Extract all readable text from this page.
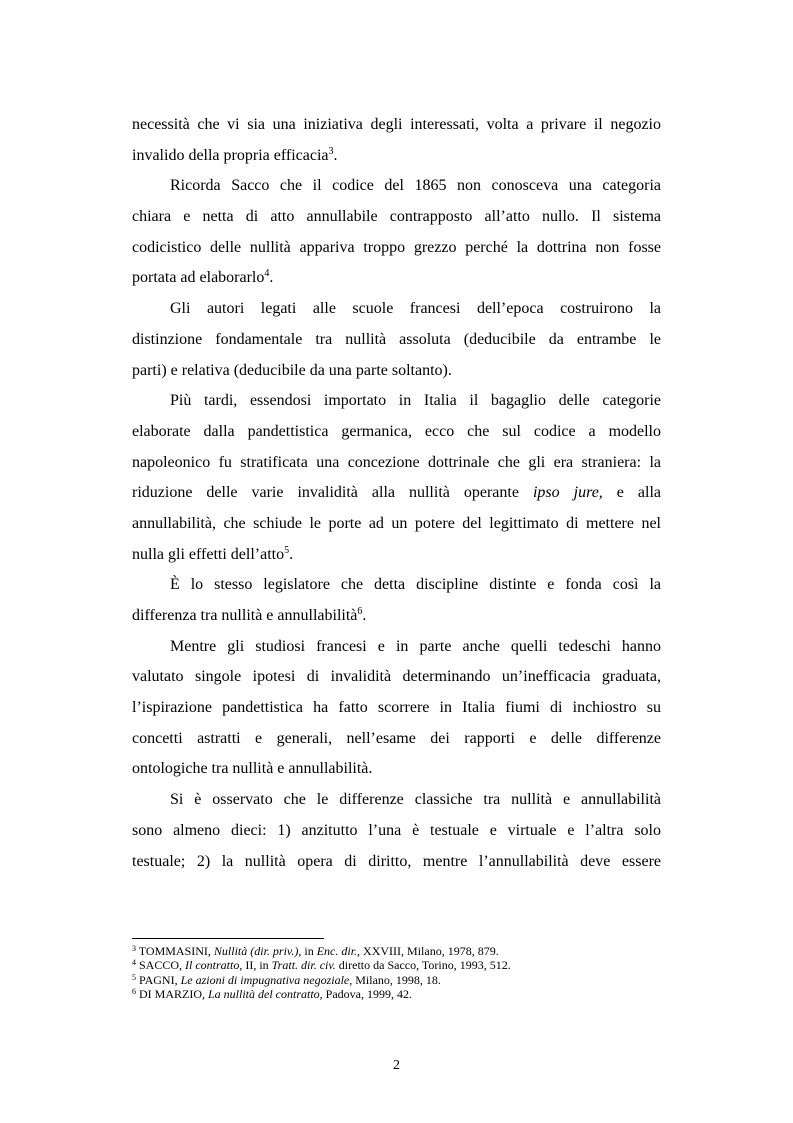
necessità che vi sia una iniziativa degli interessati, volta a privare il negozio
invalido della propria efficacia$^3$.
Ricorda Sacco che il codice del 1865 non conosceva una categoria
chiara e netta di atto annullabile contrapposto all’atto nullo. Il sistema
codicistico delle nullità appariva troppo grezzo perché la dottrina non fosse
portata ad elaborarlo$^4$.
Gli autori legati alle scuole francesi dell’epoca costruirono la
distinzione fondamentale tra nullità assoluta (deducibile da entrambe le
parti) e relativa (deducibile da una parte soltanto).
Più tardi, essendosi importato in Italia il bagaglio delle categorie
elaborate dalla pandettistica germanica, ecco che sul codice a modello
napoleonico fu stratificata una concezione dottrinale che gli era straniera: la
riduzione delle varie invalidità alla nullità operante ipso jure, e alla
annullabilità, che schiude le porte ad un potere del legittimato di mettere nel
nulla gli effetti dell’atto$^5$.
È lo stesso legislatore che detta discipline distinte e fonda così la
differenza tra nullità e annullabilità$^6$.
Mentre gli studiosi francesi e in parte anche quelli tedeschi hanno
valutato singole ipotesi di invalidità determinando un’inefficacia graduata,
l’ispirazione pandettistica ha fatto scorrere in Italia fiumi di inchiostro su
concetti astratti e generali, nell’esame dei rapporti e delle differenze
ontologiche tra nullità e annullabilità.
Si è osservato che le differenze classiche tra nullità e annullabilità
sono almeno dieci: 1) anzitutto l’una è testuale e virtuale e l’altra solo
testuale; 2) la nullità opera di diritto, mentre l’annullabilità deve essere
$^3$ TOMMASINI, Nullità (dir. priv.), in Enc. dir., XXVIII, Milano, 1978, 879.
$^4$ SACCO, Il contratto, II, in Tratt. dir. civ. diretto da Sacco, Torino, 1993, 512.
$^5$ PAGNI, Le azioni di impugnativa negoziale, Milano, 1998, 18.
$^6$ DI MARZIO, La nullità del contratto, Padova, 1999, 42.
2
